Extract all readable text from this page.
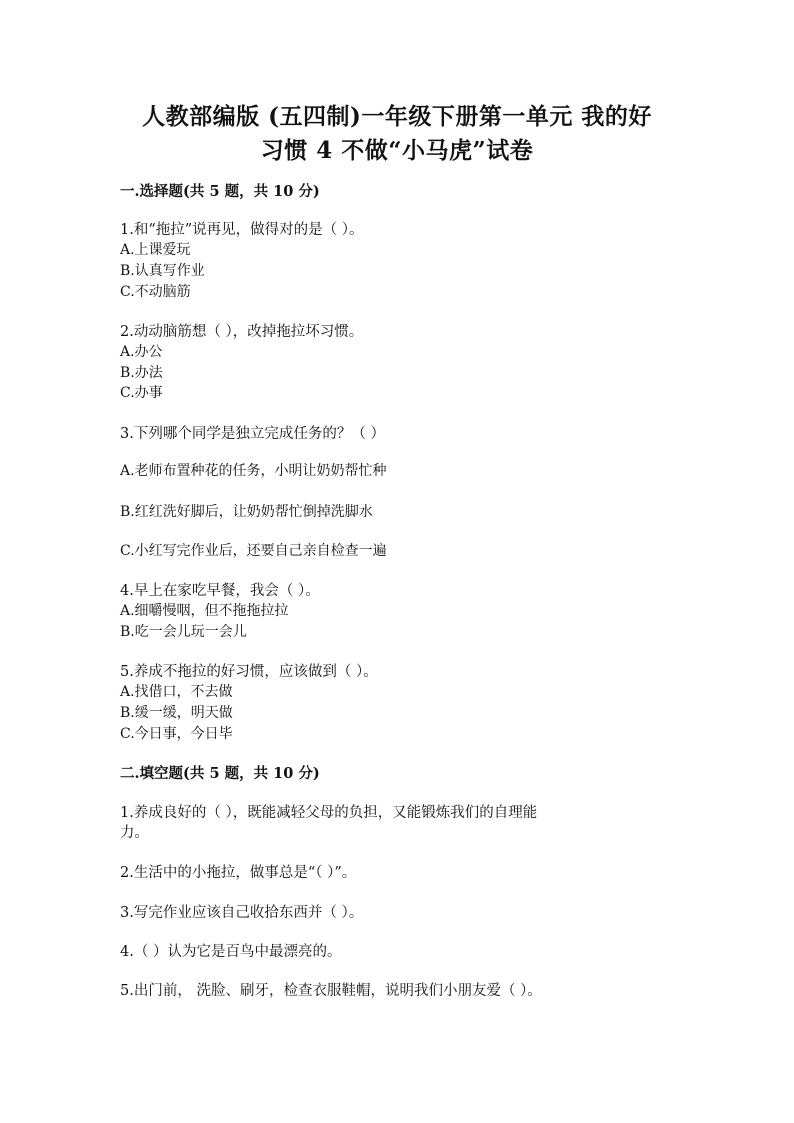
人教部编版 (五四制)一年级下册第一单元 我的好
习惯 4 不做“小马虎”试卷
一.选择题(共 5 题，共 10 分)
1.和“拖拉”说再见，做得对的是（ ）。
A.上课爱玩
B.认真写作业
C.不动脑筋
2.动动脑筋想（ ），改掉拖拉坏习惯。
A.办公
B.办法
C.办事
3.下列哪个同学是独立完成任务的？（ ）
A.老师布置种花的任务，小明让奶奶帮忙种
B.红红洗好脚后，让奶奶帮忙倒掉洗脚水
C.小红写完作业后，还要自己亲自检查一遍
4.早上在家吃早餐，我会（ ）。
A.细嚼慢咽，但不拖拖拉拉
B.吃一会儿玩一会儿
5.养成不拖拉的好习惯，应该做到（ ）。
A.找借口，不去做
B.缓一缓，明天做
C.今日事，今日毕
二.填空题(共 5 题，共 10 分)
1.养成良好的（ ），既能减轻父母的负担，又能锻炼我们的自理能
力。
2.生活中的小拖拉，做事总是“（ ）”。
3.写完作业应该自己收拾东西并（ ）。
4.（ ）认为它是百鸟中最漂亮的。
5.出门前， 洗脸、刷牙，检查衣服鞋帽，说明我们小朋友爱（ ）。
